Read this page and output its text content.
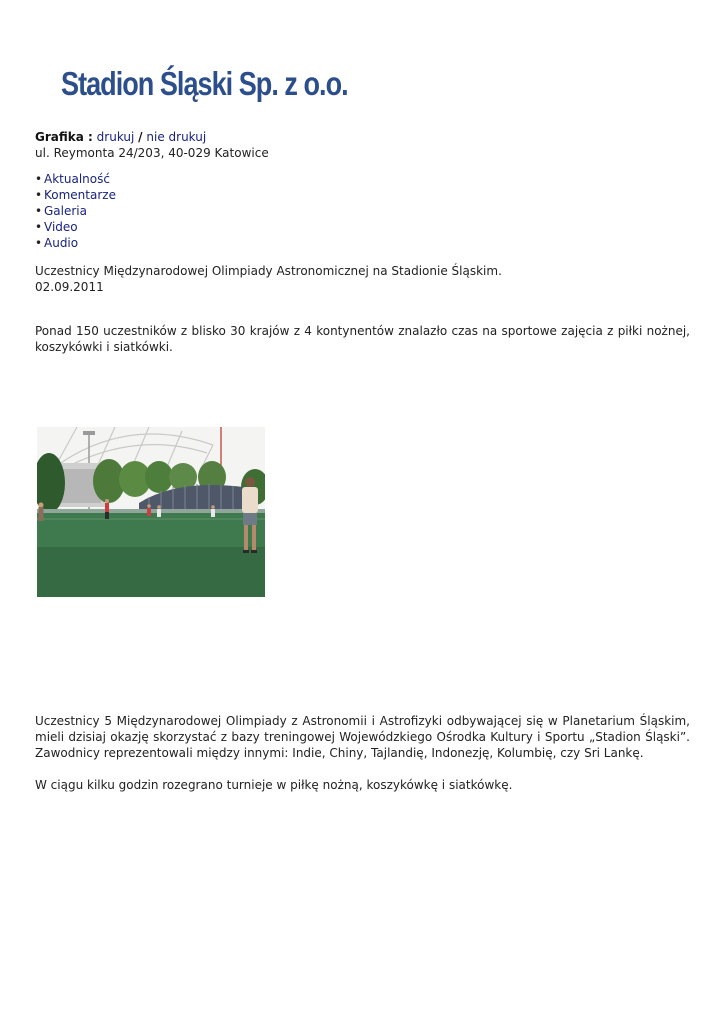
Stadion Śląski Sp. z o.o.
Grafika : drukuj / nie drukuj
ul. Reymonta 24/203, 40-029 Katowice
• Aktualność
• Komentarze
• Galeria
• Video
• Audio
Uczestnicy Międzynarodowej Olimpiady Astronomicznej na Stadionie Śląskim.
02.09.2011
Ponad 150 uczestników z blisko 30 krajów z 4 kontynentów znalazło czas na sportowe zajęcia z piłki nożnej, koszykówki i siatkówki.

Uczestnicy 5 Międzynarodowej Olimpiady z Astronomii i Astrofizyki odbywającej się w Planetarium Śląskim, mieli dzisiaj okazję skorzystać z bazy treningowej Wojewódzkiego Ośrodka Kultury i Sportu „Stadion Śląski”. Zawodnicy reprezentowali między innymi: Indie, Chiny, Tajlandię, Indonezję, Kolumbię, czy Sri Lankę.

W ciągu kilku godzin rozegrano turnieje w piłkę nożną, koszykówkę i siatkówkę.
